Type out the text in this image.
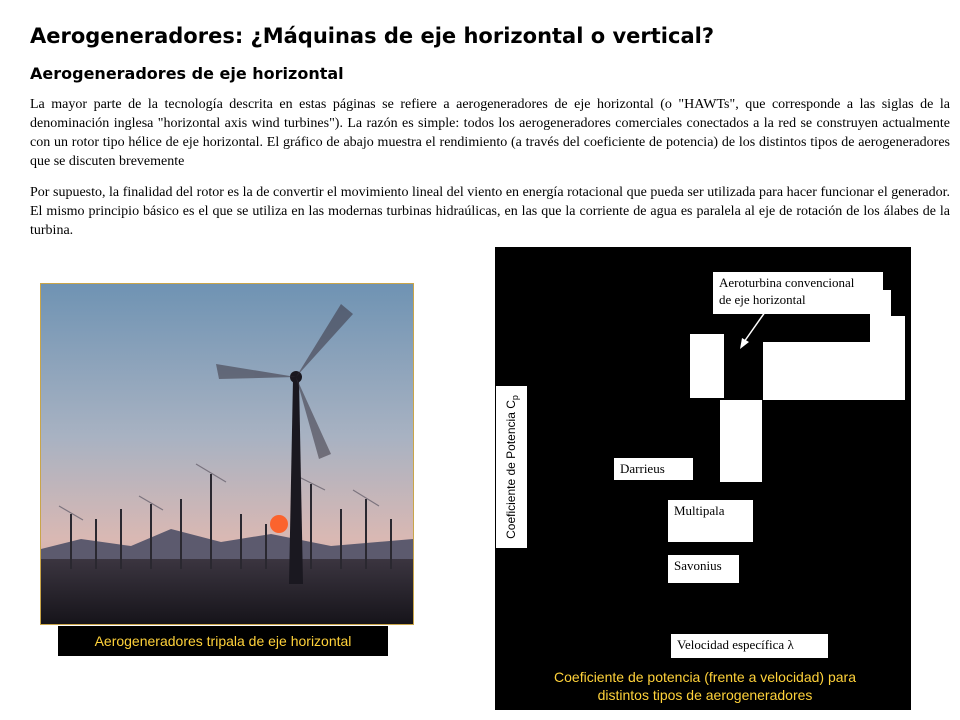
Aerogeneradores: ¿Máquinas de eje horizontal o vertical?
Aerogeneradores de eje horizontal

La mayor parte de la tecnología descrita en estas páginas se refiere a aerogeneradores de eje horizontal (o "HAWTs", que corresponde a las siglas de la denominación inglesa "horizontal axis wind turbines"). La razón es simple: todos los aerogeneradores comerciales conectados a la red se construyen actualmente con un rotor tipo hélice de eje horizontal. El gráfico de abajo muestra el rendimiento (a través del coeficiente de potencia) de los distintos tipos de aerogeneradores que se discuten brevemente

Por supuesto, la finalidad del rotor es la de convertir el movimiento lineal del viento en energía rotacional que pueda ser utilizada para hacer funcionar el generador. El mismo principio básico es el que se utiliza en las modernas turbinas hidraúlicas, en las que la corriente de agua es paralela al eje de rotación de los álabes de la turbina.

Aerogeneradores tripala de eje horizontal
Aeroturbina convencional
de eje horizontal
Darrieus
Multipala
Savonius
Velocidad específica λ
Coeficiente de Potencia $C_p$
Coeficiente de potencia (frente a velocidad) para
distintos tipos de aerogeneradores
